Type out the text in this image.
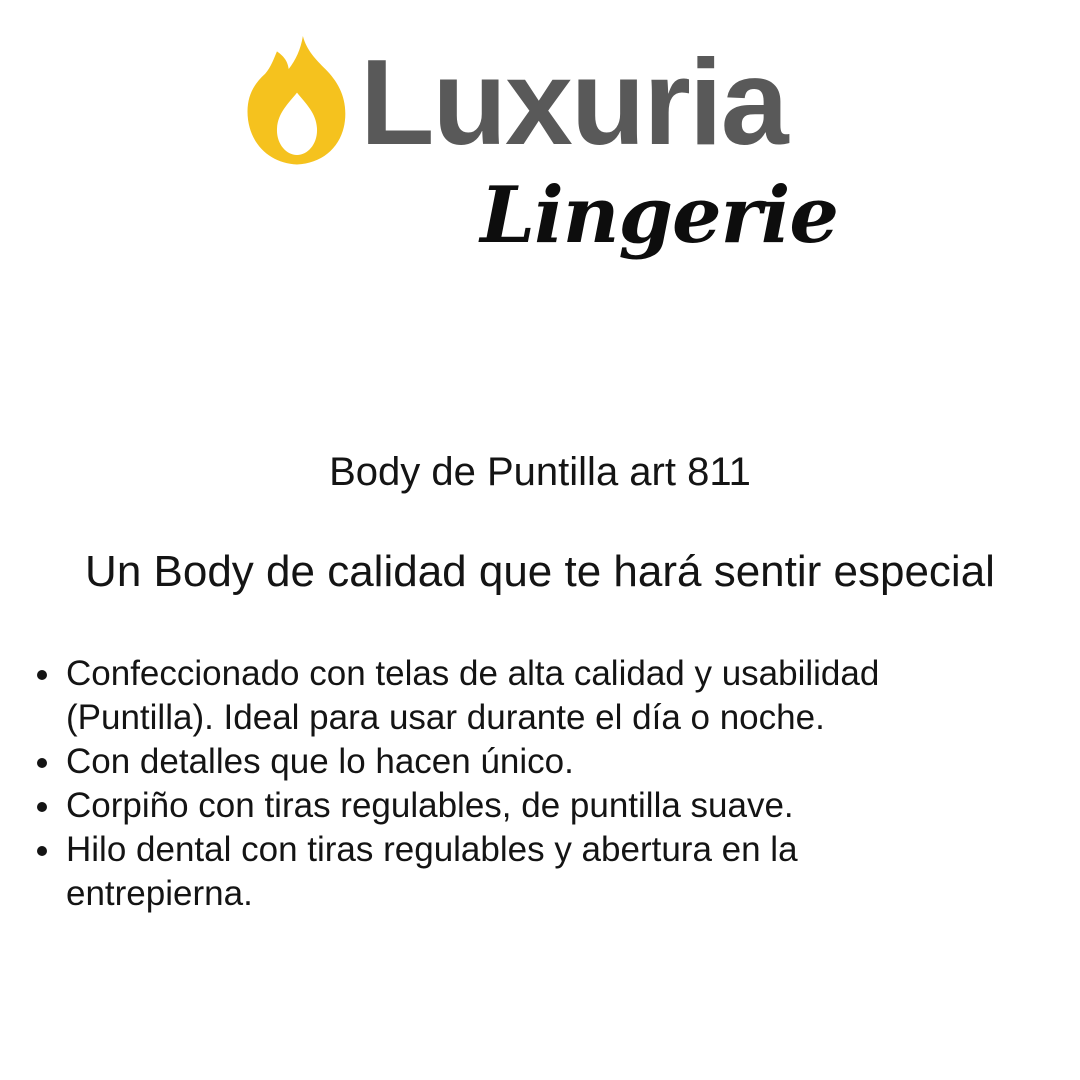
Luxuria
Lingerie
Body de Puntilla art 811
Un Body de calidad que te hará sentir especial
• Confeccionado con telas de alta calidad y usabilidad (Puntilla). Ideal para usar durante el día o noche.
• Con detalles que lo hacen único.
• Corpiño con tiras regulables, de puntilla suave.
• Hilo dental con tiras regulables y abertura en la entrepierna.
